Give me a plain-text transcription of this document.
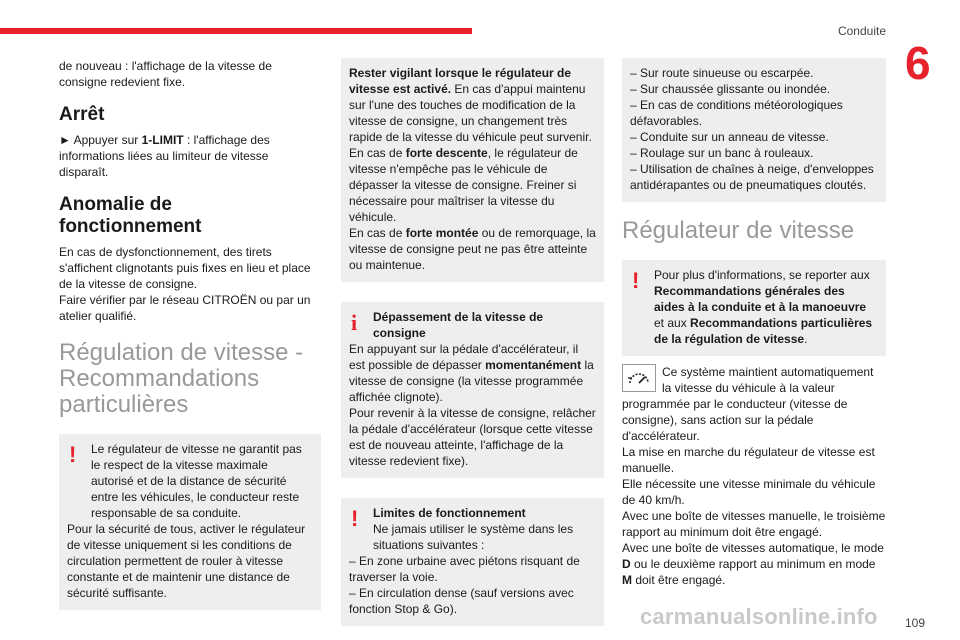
Conduite
6

de nouveau : l'affichage de la vitesse de consigne redevient fixe.

Arrêt

► Appuyer sur 1-LIMIT : l'affichage des informations liées au limiteur de vitesse disparaît.

Anomalie de

fonctionnement

En cas de dysfonctionnement, des tirets s'affichent clignotants puis fixes en lieu et place de la vitesse de consigne.

Faire vérifier par le réseau CITROËN ou par un atelier qualifié.

Régulation de vitesse - Recommandations particulières
!	Le régulateur de vitesse ne garantit pas le respect de la vitesse maximale autorisé et de la distance de sécurité entre les véhicules, le conducteur reste responsable de sa conduite.

Pour la sécurité de tous, activer le régulateur de vitesse uniquement si les conditions de circulation permettent de rouler à vitesse constante et de maintenir une distance de sécurité suffisante.

Rester vigilant lorsque le régulateur de vitesse est activé. En cas d'appui maintenu sur l'une des touches de modification de la vitesse de consigne, un changement très rapide de la vitesse du véhicule peut survenir.

En cas de forte descente, le régulateur de vitesse n'empêche pas le véhicule de dépasser la vitesse de consigne. Freiner si nécessaire pour maîtriser la vitesse du véhicule.

En cas de forte montée ou de remorquage, la vitesse de consigne peut ne pas être atteinte ou maintenue.

i	Dépassement de la vitesse de consigne

En appuyant sur la pédale d'accélérateur, il est possible de dépasser momentanément la vitesse de consigne (la vitesse programmée affichée clignote).

Pour revenir à la vitesse de consigne, relâcher la pédale d'accélérateur (lorsque cette vitesse est de nouveau atteinte, l'affichage de la vitesse redevient fixe).

!	Limites de fonctionnement

Ne jamais utiliser le système dans les situations suivantes :

– En zone urbaine avec piétons risquant de traverser la voie.

– En circulation dense (sauf versions avec fonction Stop & Go).

– Sur route sinueuse ou escarpée.

– Sur chaussée glissante ou inondée.

– En cas de conditions météorologiques défavorables.

– Conduite sur un anneau de vitesse.

– Roulage sur un banc à rouleaux.

– Utilisation de chaînes à neige, d'enveloppes antidérapantes ou de pneumatiques cloutés.

Régulateur de vitesse
!	Pour plus d'informations, se reporter aux Recommandations générales des aides à la conduite et à la manoeuvre et aux Recommandations particulières de la régulation de vitesse.

Ce système maintient automatiquement la vitesse du véhicule à la valeur programmée par le conducteur (vitesse de consigne), sans action sur la pédale d'accélérateur.

La mise en marche du régulateur de vitesse est manuelle.

Elle nécessite une vitesse minimale du véhicule de 40 km/h.

Avec une boîte de vitesses manuelle, le troisième rapport au minimum doit être engagé.

Avec une boîte de vitesses automatique, le mode D ou le deuxième rapport au minimum en mode M doit être engagé.

carmanualsonline.info 109
